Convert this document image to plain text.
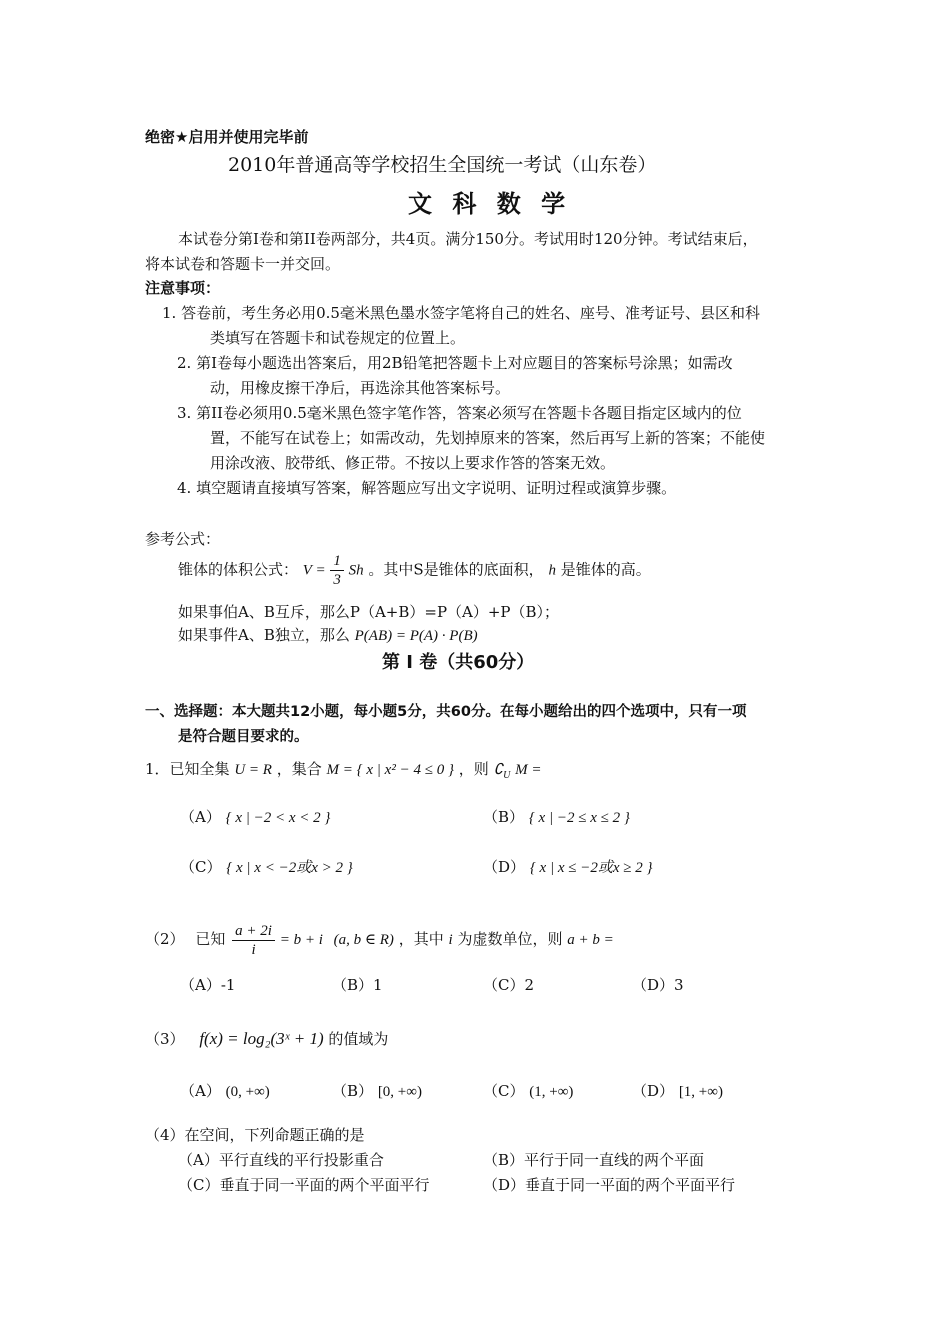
绝密★启用并使用完毕前
2010年普通高等学校招生全国统一考试（山东卷）
文 科 数 学
本试卷分第I卷和第II卷两部分，共4页。满分150分。考试用时120分钟。考试结束后，
将本试卷和答题卡一并交回。
注意事项：
1. 答卷前，考生务必用0.5毫米黑色墨水签字笔将自己的姓名、座号、准考证号、县区和科
类填写在答题卡和试卷规定的位置上。
2. 第I卷每小题选出答案后，用2B铅笔把答题卡上对应题目的答案标号涂黑；如需改
动，用橡皮擦干净后，再选涂其他答案标号。
3. 第II卷必须用0.5毫米黑色签字笔作答，答案必须写在答题卡各题目指定区域内的位
置，不能写在试卷上；如需改动，先划掉原来的答案，然后再写上新的答案；不能使
用涂改液、胶带纸、修正带。不按以上要求作答的答案无效。
4. 填空题请直接填写答案，解答题应写出文字说明、证明过程或演算步骤。
参考公式：
锥体的体积公式： $V = \frac{1}{3}$ Sh 。其中S是锥体的底面积， h 是锥体的高。
如果事伯A、B互斥，那么P（A+B）=P（A）+P（B）；
如果事件A、B独立，那么 P(AB) = P(A) · P(B)
第 Ⅰ 卷（共60分）
一、选择题：本大题共12小题，每小题5分，共60分。在每小题给出的四个选项中，只有一项
是符合题目要求的。
1．已知全集 U = R ，集合 M = { x | x² − 4 ≤ 0 } ，则 $∁_U$ M =
（A） { x | −2 < x < 2 }	（B） { x | −2 ≤ x ≤ 2 }
（C） { x | x < −2或x > 2 }	（D） { x | x ≤ −2或x ≥ 2 }
（2） 已知 $\frac{a + 2i}{i} = b + i$ (a, b ∈ R) ，其中 i 为虚数单位，则 a + b =
（A）-1	（B）1	（C）2	（D）3
（3） f(x) = log₂(3ˣ + 1) 的值域为
（A） (0, +∞)	（B） [0, +∞)	（C） (1, +∞)	（D） [1, +∞)
（4）在空间，下列命题正确的是
（A）平行直线的平行投影重合	（B）平行于同一直线的两个平面
（C）垂直于同一平面的两个平面平行	（D）垂直于同一平面的两个平面平行
